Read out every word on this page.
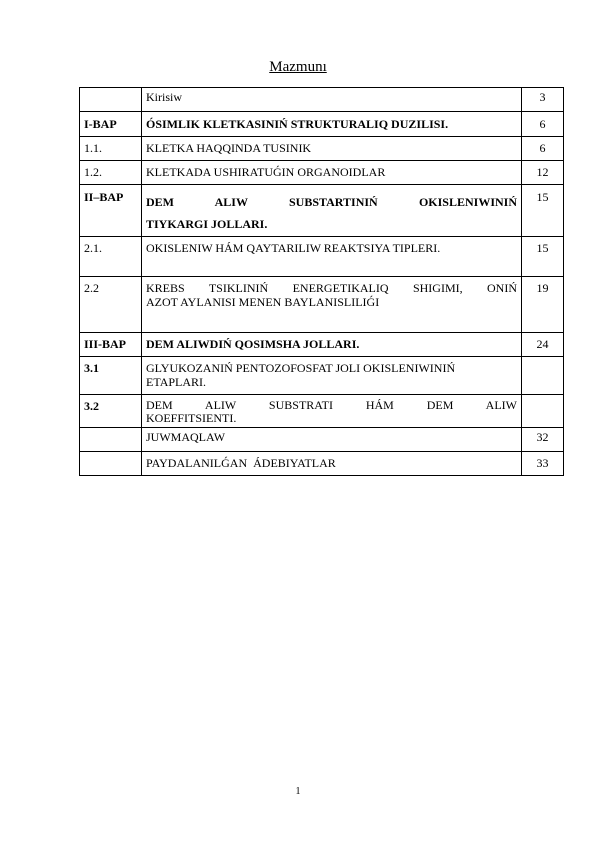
Mazmunı
	Kirisiw	3
I-BAP	ÓSIMLIK KLETKASINIŃ STRUKTURALIQ DUZILISI.	6
1.1.	KLETKA HAQQINDA TUSINIK	6
1.2.	KLETKADA USHIRATUǴIN ORGANOIDLAR	12
II–BAP	DEM ALIW SUBSTARTINIŃ OKISLENIWINIŃ
TIYKARGI JOLLARI.	15
2.1.	OKISLENIW HÁM QAYTARILIW REAKTSIYA TIPLERI.	15
2.2	KREBS TSIKLINIŃ ENERGETIKALIQ SHIGIMI, ONIŃ
AZOT AYLANISI MENEN BAYLANISLILIǴI	19
III-BAP	DEM ALIWDIŃ QOSIMSHA JOLLARI.	24
3.1	GLYUKOZANIŃ PENTOZOFOSFAT JOLI OKISLENIWINIŃ
ETAPLARI.	

3.2	DEM ALIW SUBSTRATI HÁM DEM ALIW
KOEFFITSIENTI.	

	JUWMAQLAW	32
	PAYDALANILǴAN  ÁDEBIYATLAR	33
1
